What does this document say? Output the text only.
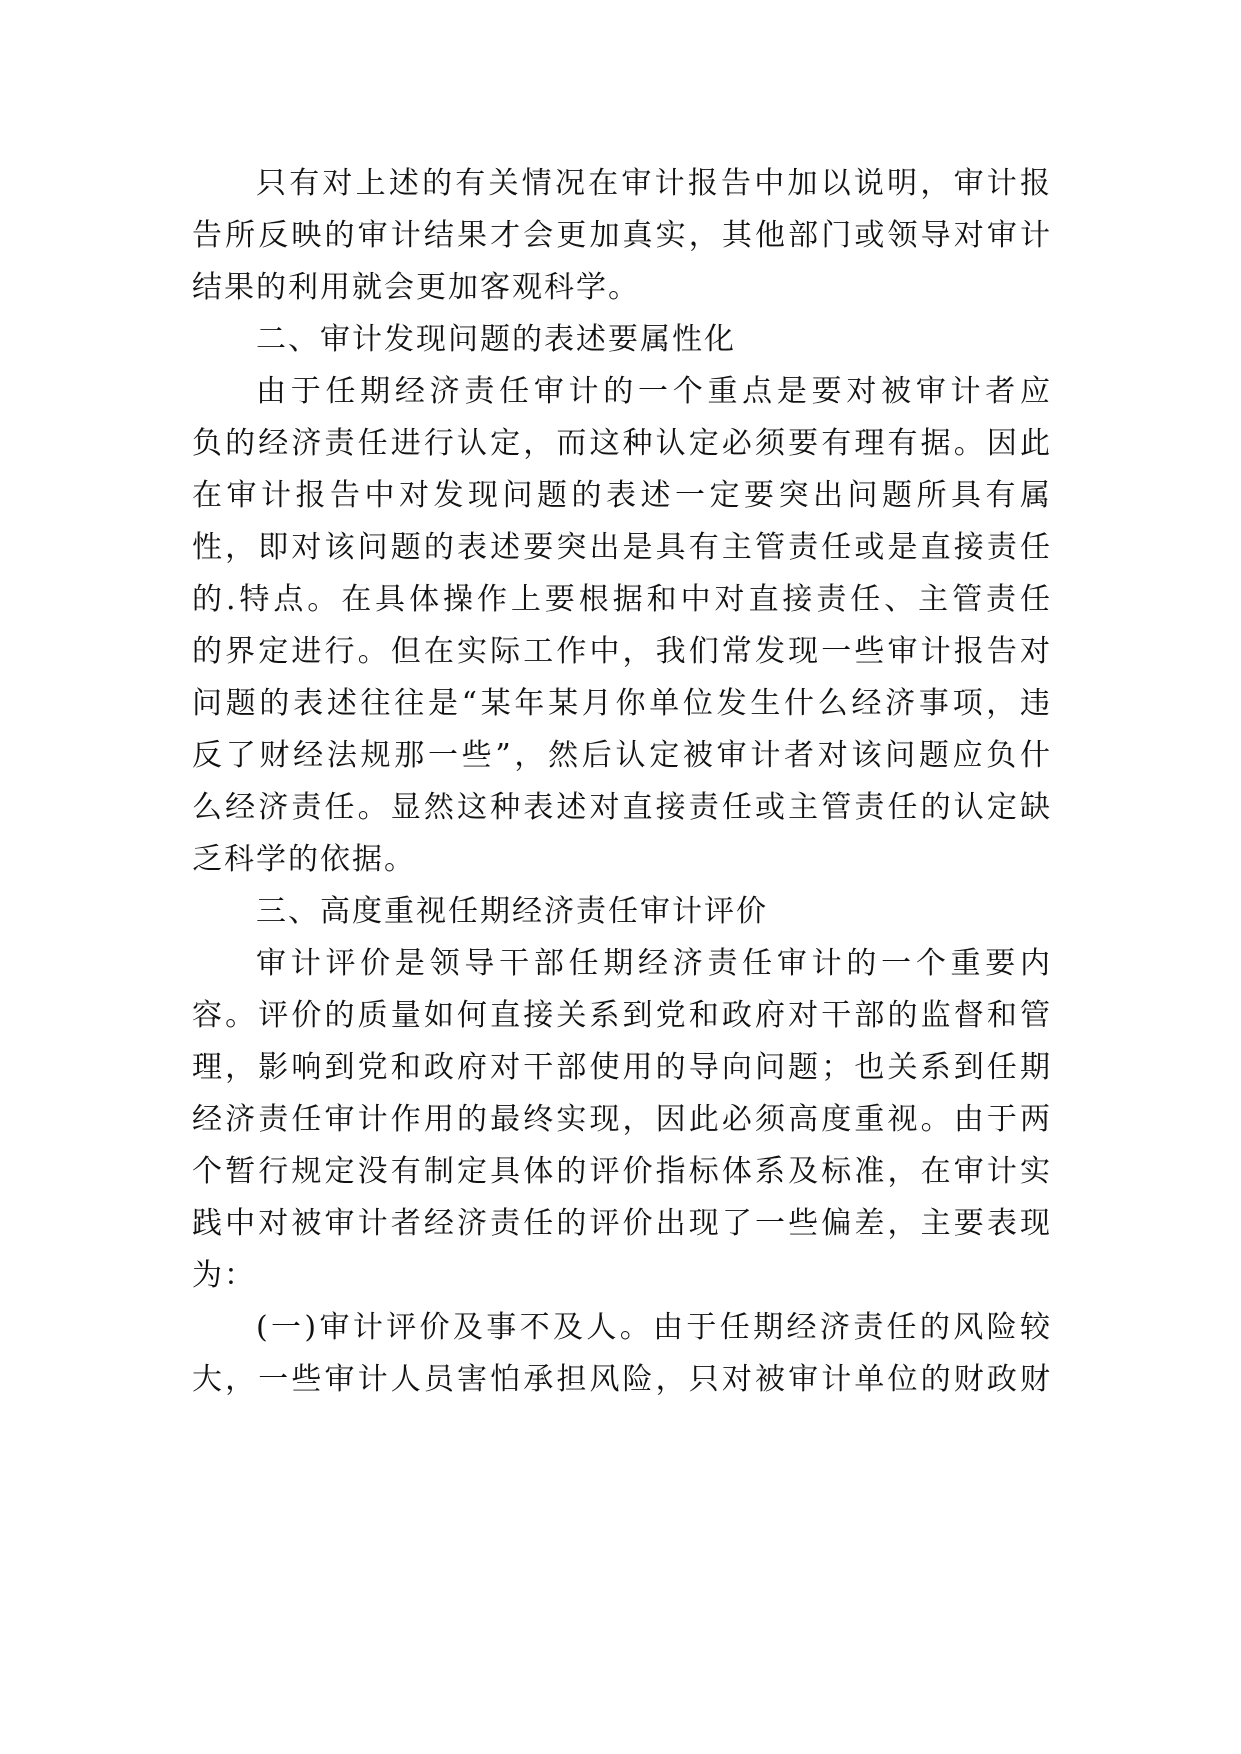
只有对上述的有关情况在审计报告中加以说明，审计报
告所反映的审计结果才会更加真实，其他部门或领导对审计
结果的利用就会更加客观科学。
二、审计发现问题的表述要属性化
由于任期经济责任审计的一个重点是要对被审计者应
负的经济责任进行认定，而这种认定必须要有理有据。因此
在审计报告中对发现问题的表述一定要突出问题所具有属
性，即对该问题的表述要突出是具有主管责任或是直接责任
的.特点。在具体操作上要根据和中对直接责任、主管责任
的界定进行。但在实际工作中，我们常发现一些审计报告对
问题的表述往往是“某年某月你单位发生什么经济事项，违
反了财经法规那一些”，然后认定被审计者对该问题应负什
么经济责任。显然这种表述对直接责任或主管责任的认定缺
乏科学的依据。
三、高度重视任期经济责任审计评价
审计评价是领导干部任期经济责任审计的一个重要内
容。评价的质量如何直接关系到党和政府对干部的监督和管
理，影响到党和政府对干部使用的导向问题；也关系到任期
经济责任审计作用的最终实现，因此必须高度重视。由于两
个暂行规定没有制定具体的评价指标体系及标准，在审计实
践中对被审计者经济责任的评价出现了一些偏差，主要表现
为：
(一)审计评价及事不及人。由于任期经济责任的风险较
大，一些审计人员害怕承担风险，只对被审计单位的财政财
